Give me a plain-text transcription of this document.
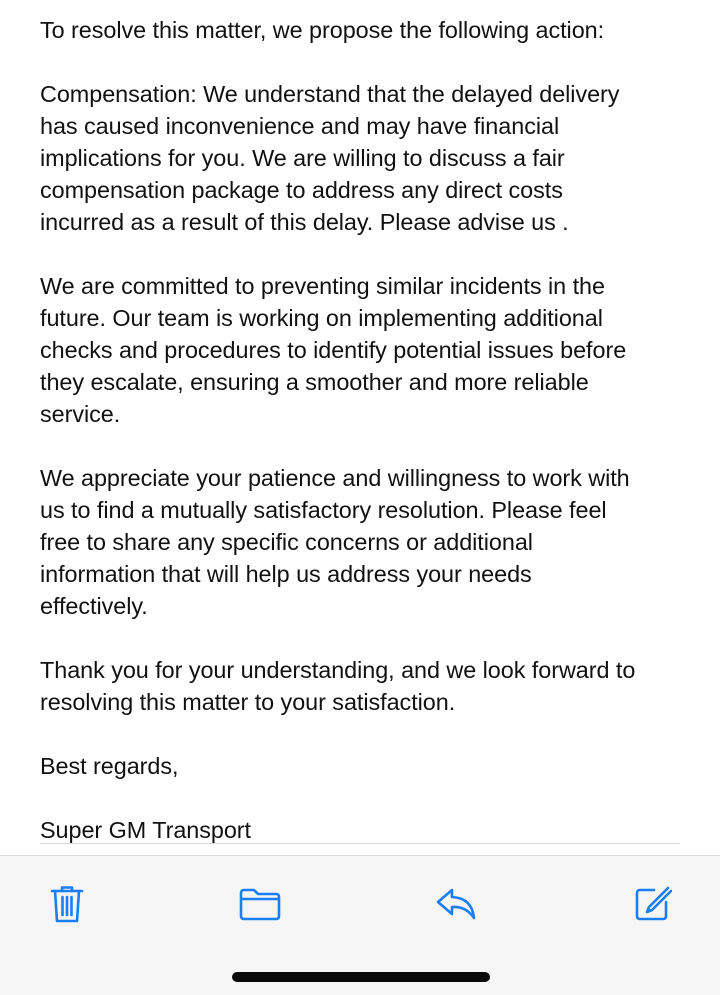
To resolve this matter, we propose the following action:

Compensation: We understand that the delayed delivery
has caused inconvenience and may have financial
implications for you. We are willing to discuss a fair
compensation package to address any direct costs
incurred as a result of this delay. Please advise us .

We are committed to preventing similar incidents in the
future. Our team is working on implementing additional
checks and procedures to identify potential issues before
they escalate, ensuring a smoother and more reliable
service.

We appreciate your patience and willingness to work with
us to find a mutually satisfactory resolution. Please feel
free to share any specific concerns or additional
information that will help us address your needs
effectively.

Thank you for your understanding, and we look forward to
resolving this matter to your satisfaction.

Best regards,

Super GM Transport
